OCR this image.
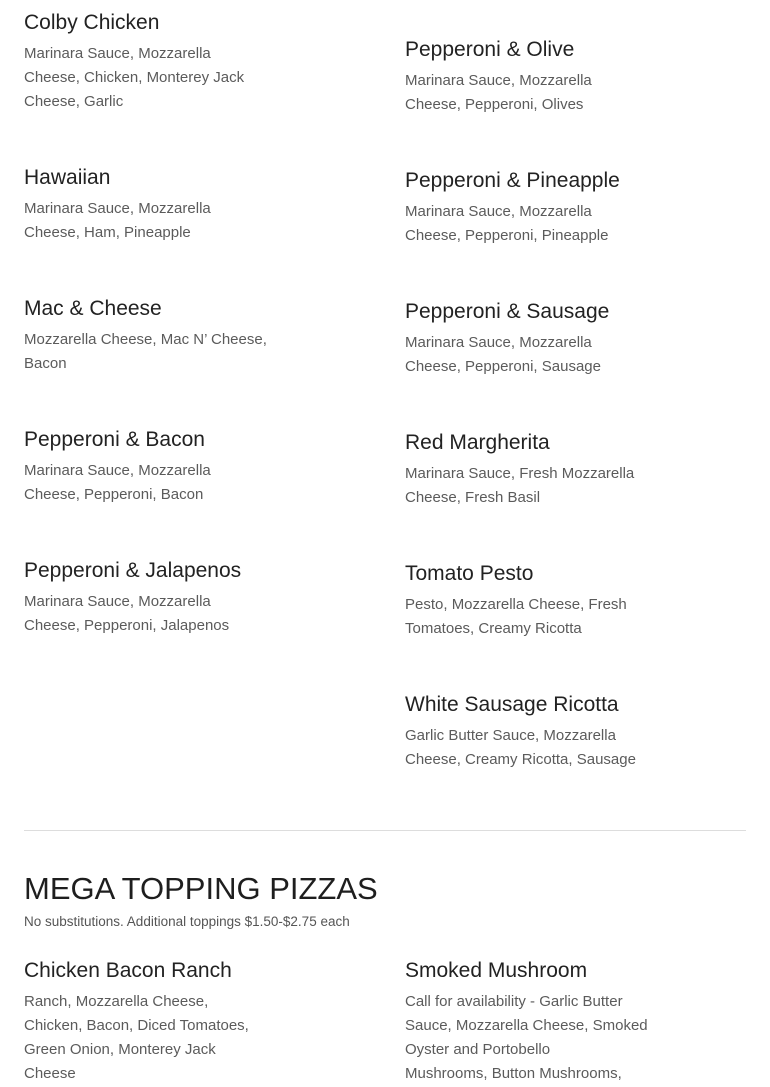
Colby Chicken

Marinara Sauce, Mozzarella
Cheese, Chicken, Monterey Jack
Cheese, Garlic

Hawaiian

Marinara Sauce, Mozzarella
Cheese, Ham, Pineapple

Mac & Cheese

Mozzarella Cheese, Mac N’ Cheese,
Bacon

Pepperoni & Bacon

Marinara Sauce, Mozzarella
Cheese, Pepperoni, Bacon

Pepperoni & Jalapenos

Marinara Sauce, Mozzarella
Cheese, Pepperoni, Jalapenos

Chicken Bacon Ranch

Ranch, Mozzarella Cheese,
Chicken, Bacon, Diced Tomatoes,
Green Onion, Monterey Jack
Cheese

Pepperoni & Olive

Marinara Sauce, Mozzarella
Cheese, Pepperoni, Olives

Pepperoni & Pineapple

Marinara Sauce, Mozzarella
Cheese, Pepperoni, Pineapple

Pepperoni & Sausage

Marinara Sauce, Mozzarella
Cheese, Pepperoni, Sausage

Red Margherita

Marinara Sauce, Fresh Mozzarella
Cheese, Fresh Basil

Tomato Pesto

Pesto, Mozzarella Cheese, Fresh
Tomatoes, Creamy Ricotta

White Sausage Ricotta

Garlic Butter Sauce, Mozzarella
Cheese, Creamy Ricotta, Sausage

Smoked Mushroom

Call for availability - Garlic Butter
Sauce, Mozzarella Cheese, Smoked
Oyster and Portobello
Mushrooms, Button Mushrooms,

MEGA TOPPING PIZZAS

No substitutions. Additional toppings $1.50-$2.75 each
